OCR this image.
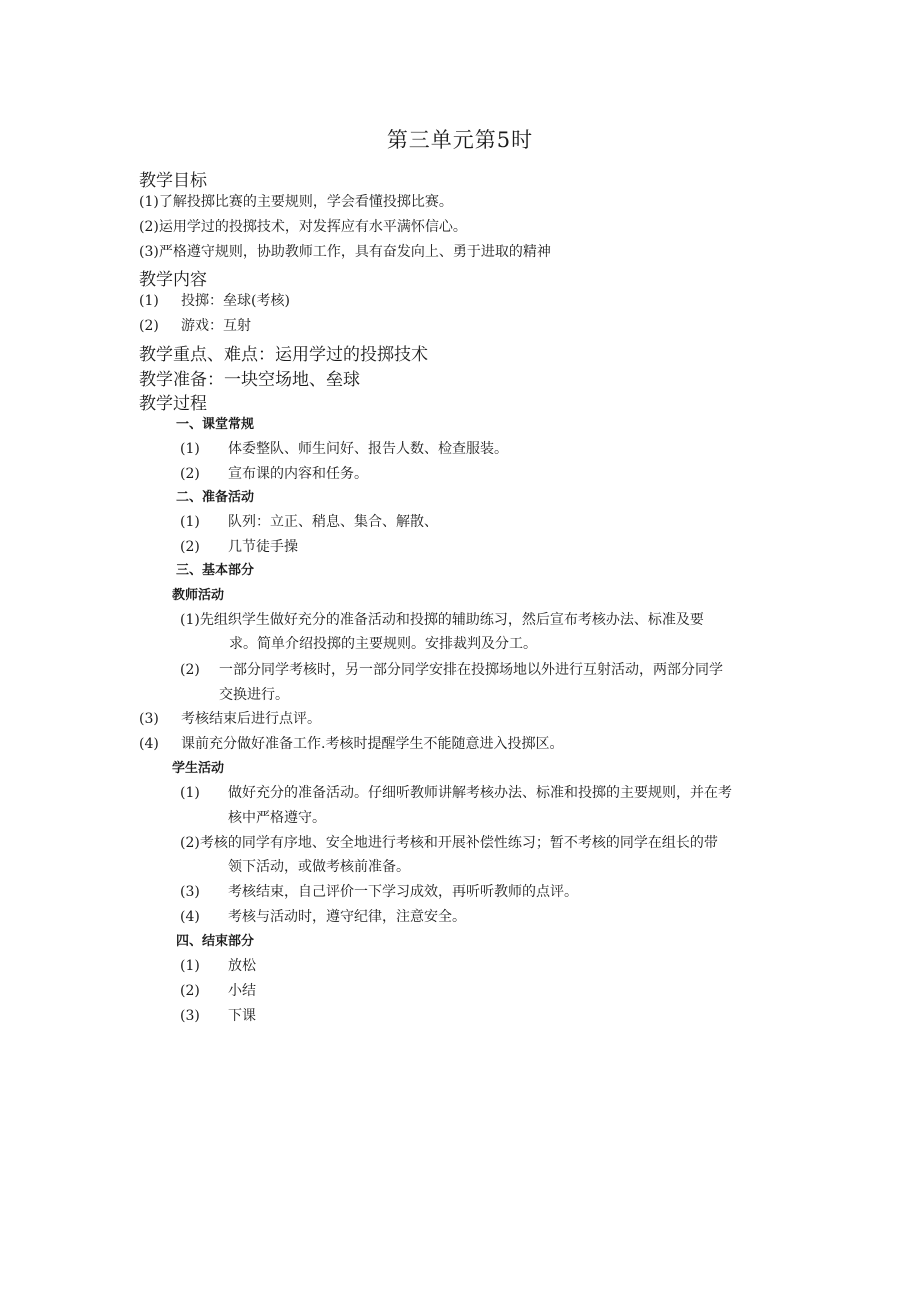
第三单元第5时
教学目标
(1)了解投掷比赛的主要规则，学会看懂投掷比赛。
(2)运用学过的投掷技术，对发挥应有水平满怀信心。
(3)严格遵守规则，协助教师工作，具有奋发向上、勇于进取的精神
教学内容
(1) 投掷：垒球(考核)
(2) 游戏：互射
教学重点、难点：运用学过的投掷技术
教学准备：一块空场地、垒球
教学过程
一、课堂常规
(1) 体委整队、师生问好、报告人数、检查服装。
(2) 宣布课的内容和任务。
二、准备活动
(1) 队列：立正、稍息、集合、解散、
(2) 几节徒手操
三、基本部分
教师活动
(1)先组织学生做好充分的准备活动和投掷的辅助练习，然后宣布考核办法、标准及要
求。简单介绍投掷的主要规则。安排裁判及分工。
(2) 一部分同学考核时，另一部分同学安排在投掷场地以外进行互射活动，两部分同学
交换进行。
(3) 考核结束后进行点评。
(4) 课前充分做好准备工作.考核时提醒学生不能随意进入投掷区。
学生活动
(1) 做好充分的准备活动。仔细听教师讲解考核办法、标准和投掷的主要规则，并在考
核中严格遵守。
(2)考核的同学有序地、安全地进行考核和开展补偿性练习；暂不考核的同学在组长的带
领下活动，或做考核前准备。
(3) 考核结束，自己评价一下学习成效，再听听教师的点评。
(4) 考核与活动时，遵守纪律，注意安全。
四、结束部分
(1) 放松
(2) 小结
(3) 下课
